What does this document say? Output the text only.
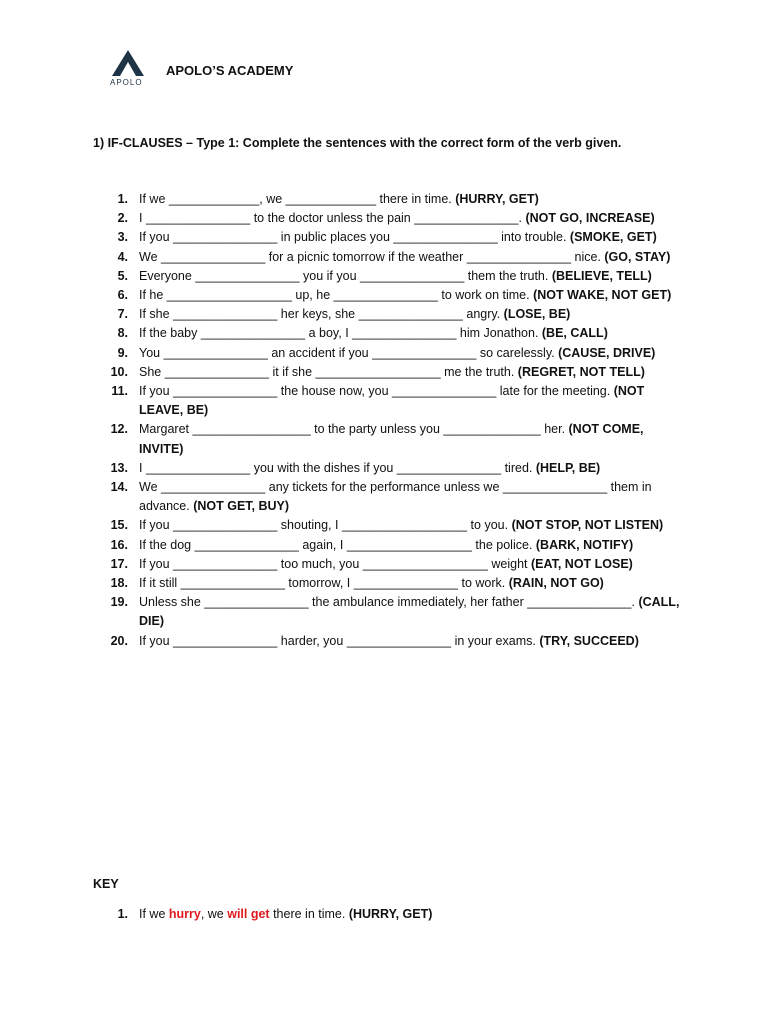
APOLO
APOLO’S ACADEMY
1) IF-CLAUSES – Type 1: Complete the sentences with the correct form of the verb given.
1. If we _____________, we _____________ there in time. (HURRY, GET)
2. I _______________ to the doctor unless the pain _______________. (NOT GO, INCREASE)
3. If you _______________ in public places you _______________ into trouble. (SMOKE, GET)
4. We _______________ for a picnic tomorrow if the weather _______________ nice. (GO, STAY)
5. Everyone _______________ you if you _______________ them the truth. (BELIEVE, TELL)
6. If he __________________ up, he _______________ to work on time. (NOT WAKE, NOT GET)
7. If she _______________ her keys, she _______________ angry. (LOSE, BE)
8. If the baby _______________ a boy, I _______________ him Jonathon. (BE, CALL)
9. You _______________ an accident if you _______________ so carelessly. (CAUSE, DRIVE)
10. She _______________ it if she __________________ me the truth. (REGRET, NOT TELL)
11. If you _______________ the house now, you _______________ late for the meeting. (NOT LEAVE, BE)
12. Margaret _________________ to the party unless you ______________ her. (NOT COME, INVITE)
13. I _______________ you with the dishes if you _______________ tired. (HELP, BE)
14. We _______________ any tickets for the performance unless we _______________ them in advance. (NOT GET, BUY)
15. If you _______________ shouting, I __________________ to you. (NOT STOP, NOT LISTEN)
16. If the dog _______________ again, I __________________ the police. (BARK, NOTIFY)
17. If you _______________ too much, you __________________ weight (EAT, NOT LOSE)
18. If it still _______________ tomorrow, I _______________ to work. (RAIN, NOT GO)
19. Unless she _______________ the ambulance immediately, her father _______________. (CALL, DIE)
20. If you _______________ harder, you _______________ in your exams. (TRY, SUCCEED)
KEY
1. If we hurry, we will get there in time. (HURRY, GET)
